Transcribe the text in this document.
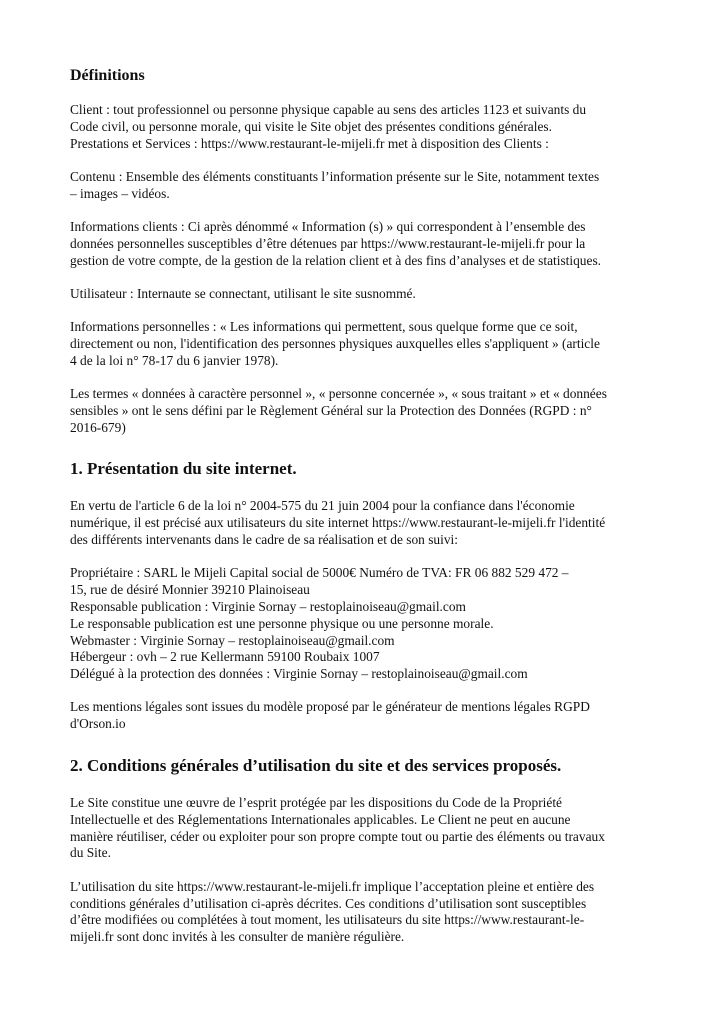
Définitions

Client : tout professionnel ou personne physique capable au sens des articles 1123 et suivants du
Code civil, ou personne morale, qui visite le Site objet des présentes conditions générales.
Prestations et Services : https://www.restaurant-le-mijeli.fr met à disposition des Clients :

Contenu : Ensemble des éléments constituants l’information présente sur le Site, notamment textes
– images – vidéos.

Informations clients : Ci après dénommé « Information (s) » qui correspondent à l’ensemble des
données personnelles susceptibles d’être détenues par https://www.restaurant-le-mijeli.fr pour la
gestion de votre compte, de la gestion de la relation client et à des fins d’analyses et de statistiques.

Utilisateur : Internaute se connectant, utilisant le site susnommé.

Informations personnelles : « Les informations qui permettent, sous quelque forme que ce soit,
directement ou non, l'identification des personnes physiques auxquelles elles s'appliquent » (article
4 de la loi n° 78-17 du 6 janvier 1978).

Les termes « données à caractère personnel », « personne concernée », « sous traitant » et « données
sensibles » ont le sens défini par le Règlement Général sur la Protection des Données (RGPD : n°
2016-679)

1. Présentation du site internet.

En vertu de l'article 6 de la loi n° 2004-575 du 21 juin 2004 pour la confiance dans l'économie
numérique, il est précisé aux utilisateurs du site internet https://www.restaurant-le-mijeli.fr l'identité
des différents intervenants dans le cadre de sa réalisation et de son suivi:

Propriétaire : SARL le Mijeli Capital social de 5000€ Numéro de TVA: FR 06 882 529 472 –
15, rue de désiré Monnier 39210 Plainoiseau
Responsable publication : Virginie Sornay – restoplainoiseau@gmail.com
Le responsable publication est une personne physique ou une personne morale.
Webmaster : Virginie Sornay – restoplainoiseau@gmail.com
Hébergeur : ovh – 2 rue Kellermann 59100 Roubaix 1007
Délégué à la protection des données : Virginie Sornay – restoplainoiseau@gmail.com

Les mentions légales sont issues du modèle proposé par le générateur de mentions légales RGPD
d'Orson.io

2. Conditions générales d’utilisation du site et des services proposés.

Le Site constitue une œuvre de l’esprit protégée par les dispositions du Code de la Propriété
Intellectuelle et des Réglementations Internationales applicables. Le Client ne peut en aucune
manière réutiliser, céder ou exploiter pour son propre compte tout ou partie des éléments ou travaux
du Site.

L’utilisation du site https://www.restaurant-le-mijeli.fr implique l’acceptation pleine et entière des
conditions générales d’utilisation ci-après décrites. Ces conditions d’utilisation sont susceptibles
d’être modifiées ou complétées à tout moment, les utilisateurs du site https://www.restaurant-le-
mijeli.fr sont donc invités à les consulter de manière régulière.
